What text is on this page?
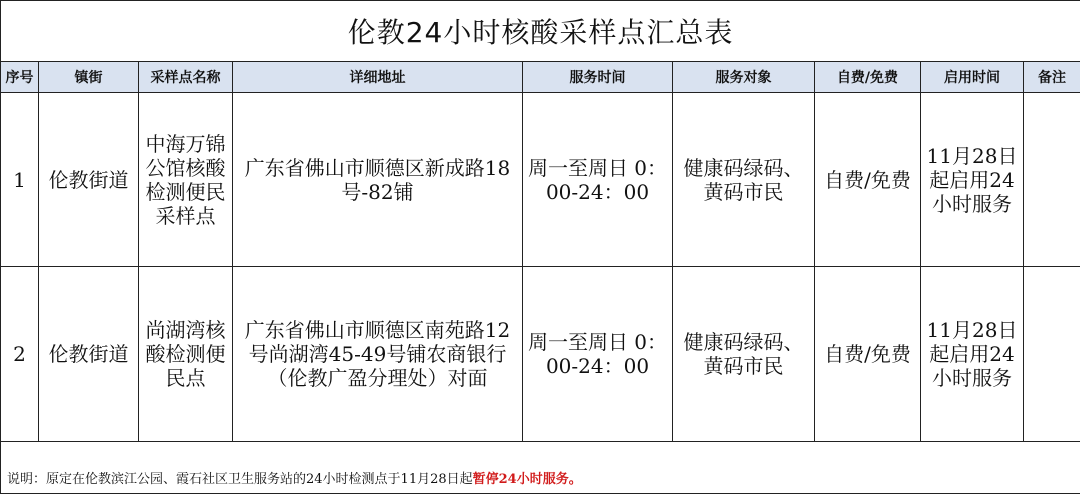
伦教24小时核酸采样点汇总表								
序号	镇街	采样点名称	详细地址	服务时间	服务对象	自费/免费	启用时间	备注
1	伦教街道	中海万锦公馆核酸检测便民采样点	广东省佛山市顺德区新成路18号-82铺	周一至周日 0：00-24：00	健康码绿码、黄码市民	自费/免费	11月28日起启用24小时服务	
2	伦教街道	尚湖湾核酸检测便民点	广东省佛山市顺德区南苑路12号尚湖湾45-49号铺农商银行（伦教广盈分理处）对面	周一至周日 0：00-24：00	健康码绿码、黄码市民	自费/免费	11月28日起启用24小时服务	
说明：原定在伦教滨江公园、霞石社区卫生服务站的24小时检测点于11月28日起暂停24小时服务。								
